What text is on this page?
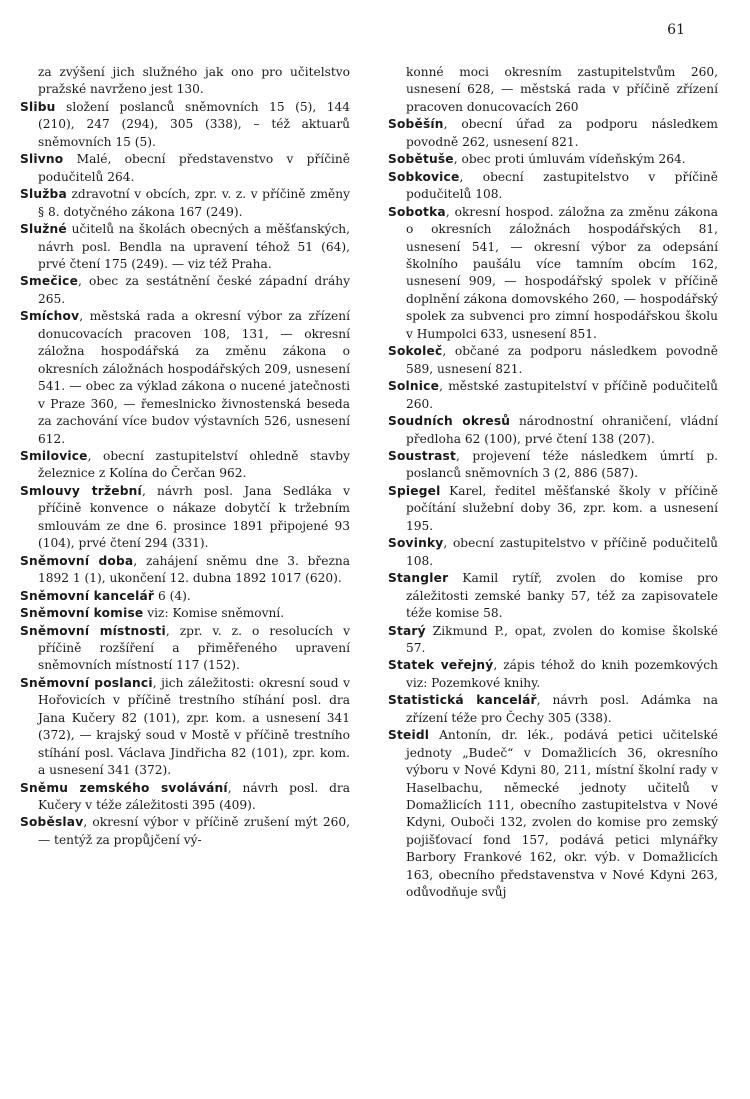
61

za zvýšení jich služného jak ono pro učitelstvo pražské navrženo jest 130.

Slibu složení poslanců sněmovních 15 (5), 144 (210), 247 (294), 305 (338), – též aktuarů sněmovních 15 (5).

Slivno Malé, obecní představenstvo v příčině podučitelů 264.

Služba zdravotní v obcích, zpr. v. z. v příčině změny § 8. dotyčného zákona 167 (249).

Služné učitelů na školách obecných a měšťanských, návrh posl. Bendla na upravení téhož 51 (64), prvé čtení 175 (249). — viz též Praha.

Smečice, obec za sestátnění české západní dráhy 265.

Smíchov, městská rada a okresní výbor za zřízení donucovacích pracoven 108, 131, — okresní záložna hospodářská za změnu zákona o okresních záložnách hospodářských 209, usnesení 541. — obec za výklad zákona o nucené jatečnosti v Praze 360, — řemeslnicko živnostenská beseda za zachování více budov výstavních 526, usnesení 612.

Smilovice, obecní zastupitelství ohledně stavby železnice z Kolína do Čerčan 962.

Smlouvy tržební, návrh posl. Jana Sedláka v příčině konvence o nákaze dobytčí k tržebním smlouvám ze dne 6. prosince 1891 připojené 93 (104), prvé čtení 294 (331).

Sněmovní doba, zahájení sněmu dne 3. března 1892 1 (1), ukončení 12. dubna 1892 1017 (620).

Sněmovní kancelář 6 (4).

Sněmovní komise viz: Komise sněmovní.

Sněmovní místnosti, zpr. v. z. o resolucích v příčině rozšíření a přiměřeného upravení sněmovních místností 117 (152).

Sněmovní poslanci, jich záležitosti: okresní soud v Hořovicích v příčině trestního stíhání posl. dra Jana Kučery 82 (101), zpr. kom. a usnesení 341 (372), — krajský soud v Mostě v příčině trestního stíhání posl. Václava Jindřicha 82 (101), zpr. kom. a usnesení 341 (372).

Sněmu zemského svolávání, návrh posl. dra Kučery v téže záležitosti 395 (409).

Soběslav, okresní výbor v příčině zrušení mýt 260, — tentýž za propůjčení vý-

konné moci okresním zastupitelstvům 260, usnesení 628, — městská rada v příčině zřízení pracoven donucovacích 260

Soběšín, obecní úřad za podporu následkem povodně 262, usnesení 821.

Sobětuše, obec proti úmluvám vídeňským 264.

Sobkovice, obecní zastupitelstvo v příčině podučitelů 108.

Sobotka, okresní hospod. záložna za změnu zákona o okresních záložnách hospodářských 81, usnesení 541, — okresní výbor za odepsání školního paušálu více tamním obcím 162, usnesení 909, — hospodářský spolek v příčině doplnění zákona domovského 260, — hospodářský spolek za subvenci pro zimní hospodářskou školu v Humpolci 633, usnesení 851.

Sokoleč, občané za podporu následkem povodně 589, usnesení 821.

Solnice, městské zastupitelství v příčině podučitelů 260.

Soudních okresů národnostní ohraničení, vládní předloha 62 (100), prvé čtení 138 (207).

Soustrast, projevení téže následkem úmrtí p. poslanců sněmovních 3 (2, 886 (587).

Spiegel Karel, ředitel měšťanské školy v příčině počítání služební doby 36, zpr. kom. a usnesení 195.

Sovinky, obecní zastupitelstvo v příčině podučitelů 108.

Stangler Kamil rytíř, zvolen do komise pro záležitosti zemské banky 57, též za zapisovatele téže komise 58.

Starý Zikmund P., opat, zvolen do komise školské 57.

Statek veřejný, zápis téhož do knih pozemkových viz: Pozemkové knihy.

Statistická kancelář, návrh posl. Adámka na zřízení téže pro Čechy 305 (338).

Steidl Antonín, dr. lék., podává petici učitelské jednoty „Budeč“ v Domažlicích 36, okresního výboru v Nové Kdyni 80, 211, místní školní rady v Haselbachu, německé jednoty učitelů v Domažlicích 111, obecního zastupitelstva v Nové Kdyni, Ouboči 132, zvolen do komise pro zemský pojišťovací fond 157, podává petici mlynářky Barbory Frankové 162, okr. výb. v Domažlicích 163, obecního představenstva v Nové Kdyni 263, odůvodňuje svůj
